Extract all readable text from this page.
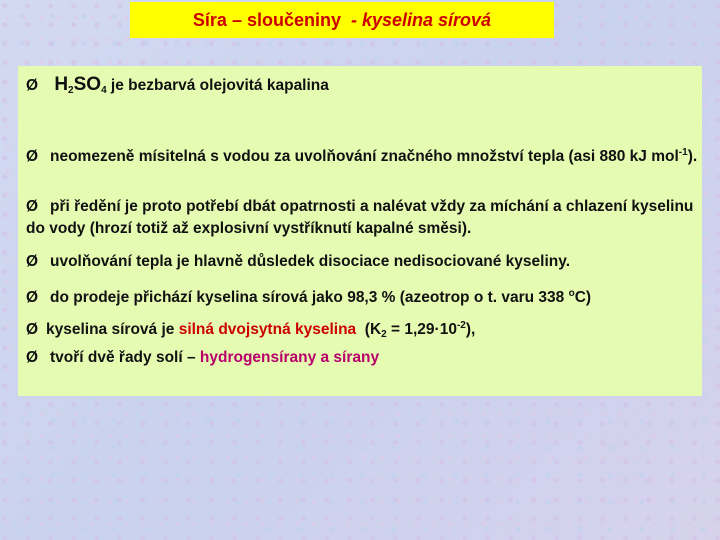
Síra – sloučeniny - kyselina sírová
Ø $H_2SO_4$ je bezbarvá olejovitá kapalina
Ø neomezeně mísitelná s vodou za uvolňování značného množství tepla (asi 880 kJ mol$^{-1}$).
Ø při ředění je proto potřebí dbát opatrnosti a nalévat vždy za míchání a chlazení kyselinu do vody (hrozí totiž až explosivní vystříknutí kapalné směsi).
Ø uvolňování tepla je hlavně důsledek disociace nedisociované kyseliny.
Ø do prodeje přichází kyselina sírová jako 98,3 % (azeotrop o t. varu 338 $^o$C)
Ø kyselina sírová je silná dvojsytná kyselina  $(K_2 = 1,29\cdot 10^{-2})$,
Ø tvoří dvě řady solí – hydrogensírany a sírany
